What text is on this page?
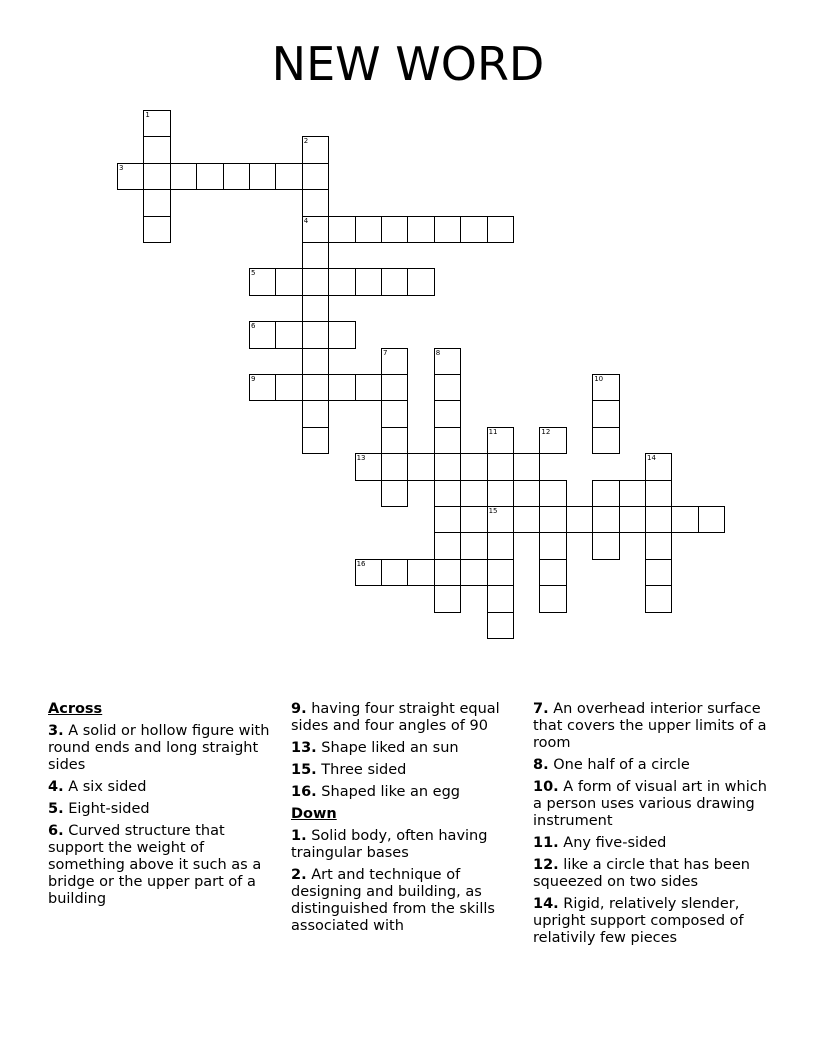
NEW WORD
1
2
4
3
5
6
9
7	8
13
11
15
12
10
14
16
Across
3. A solid or hollow figure with round ends and long straight sides
4. A six sided
5. Eight-sided
6. Curved structure that support the weight of something above it such as a bridge or the upper part of a building
9. having four straight equal sides and four angles of 90
13. Shape liked an sun
15. Three sided
16. Shaped like an egg
Down
1. Solid body, often having traingular bases
2. Art and technique of designing and building, as distinguished from the skills associated with
7. An overhead interior surface that covers the upper limits of a room
8. One half of a circle
10. A form of visual art in which a person uses various drawing instrument
11. Any five-sided
12. like a circle that has been squeezed on two sides
14. Rigid, relatively slender, upright support composed of relativily few pieces
